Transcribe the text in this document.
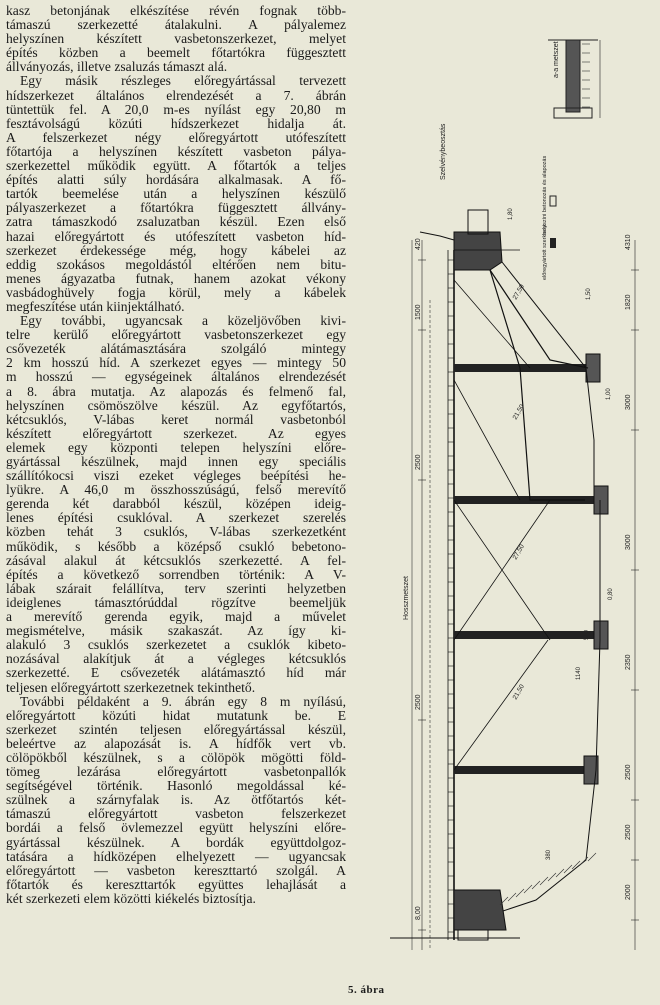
kasz betonjának elkészítése révén fognak több-
támaszú szerkezetté átalakulni. A pályalemez
helyszínen készített vasbetonszerkezet, melyet
építés közben a beemelt főtartókra függesztett
állványozás, illetve zsaluzás támaszt alá.
Egy másik részleges előregyártással tervezett
hídszerkezet általános elrendezését a 7. ábrán
tüntettük fel. A 20,0 m-es nyílást egy 20,80 m
fesztávolságú közúti hídszerkezet hidalja át.
A felszerkezet négy előregyártott utófeszített
főtartója a helyszínen készített vasbeton pálya-
szerkezettel működik együtt. A főtartók a teljes
építés alatti súly hordására alkalmasak. A fő-
tartók beemelése után a helyszínen készülő
pályaszerkezet a főtartókra függesztett állvány-
zatra támaszkodó zsaluzatban készül. Ezen első
hazai előregyártott és utófeszített vasbeton híd-
szerkezet érdekessége még, hogy kábelei az
eddig szokásos megoldástól eltérően nem bitu-
menes ágyazatba futnak, hanem azokat vékony
vasbádoghüvely fogja körül, mely a kábelek
megfeszítése után kiinjektálható.
Egy további, ugyancsak a közeljövőben kivi-
telre kerülő előregyártott vasbetonszerkezet egy
csővezeték alátámasztására szolgáló mintegy
2 km hosszú híd. A szerkezet egyes — mintegy 50
m hosszú — egységeinek általános elrendezését
a 8. ábra mutatja. Az alapozás és felmenő fal,
helyszínen csömöszölve készül. Az egyfőtartós,
kétcsuklós, V-lábas keret normál vasbetonból
készített előregyártott szerkezet. Az egyes
elemek egy központi telepen helyszíni előre-
gyártással készülnek, majd innen egy speciális
szállítókocsi viszi ezeket végleges beépítési he-
lyükre. A 46,0 m összhosszúságú, felső merevítő
gerenda két darabból készül, középen ideig-
lenes építési csuklóval. A szerkezet szerelés
közben tehát 3 csuklós, V-lábas szerkezetként
működik, s később a középső csukló bebetono-
zásával alakul át kétcsuklós szerkezetté. A fel-
építés a következő sorrendben történik: A V-
lábak szárait felállítva, terv szerinti helyzetben
ideiglenes támasztórúddal rögzítve beemeljük
a merevítő gerenda egyik, majd a művelet
megismételve, másik szakaszát. Az így ki-
alakuló 3 csuklós szerkezetet a csuklók kibeto-
nozásával alakítjuk át a végleges kétcsuklós
szerkezetté. E csővezeték alátámasztó híd már
teljesen előregyártott szerkezetnek tekinthető.
További példaként a 9. ábrán egy 8 m nyílású,
előregyártott közúti hidat mutatunk be. E
szerkezet szintén teljesen előregyártással készül,
beleértve az alapozását is. A hídfők vert vb.
cölöpökből készülnek, s a cölöpök mögötti föld-
tömeg lezárása előregyártott vasbetonpallók
segítségével történik. Hasonló megoldással ké-
szülnek a szárnyfalak is. Az ötfőtartós két-
támaszú előregyártott vasbeton felszerkezet
bordái a felső övlemezzel együtt helyszíni előre-
gyártással készülnek. A bordák együttdolgoz-
tatására a hídközépen elhelyezett — ugyancsak
előregyártott — vasbeton kereszttartó szolgál. A
főtartók és kereszttartók együttes lehajlását a
két szerkezeti elem közötti kiékelés biztosítja.
a-a metszet
Szelvénybeosztás
helyszíni betonozás és alapozás
előregyártott szerkezet	4310
1820
3000
3000
2350
2500
2500
2000
420
1500
2500
2500
8,00
Hosszmetszet
27,50
21,50
27,50
21,50
1,80
1,50
1,00
0,80
540
1140
380
5. ábra
